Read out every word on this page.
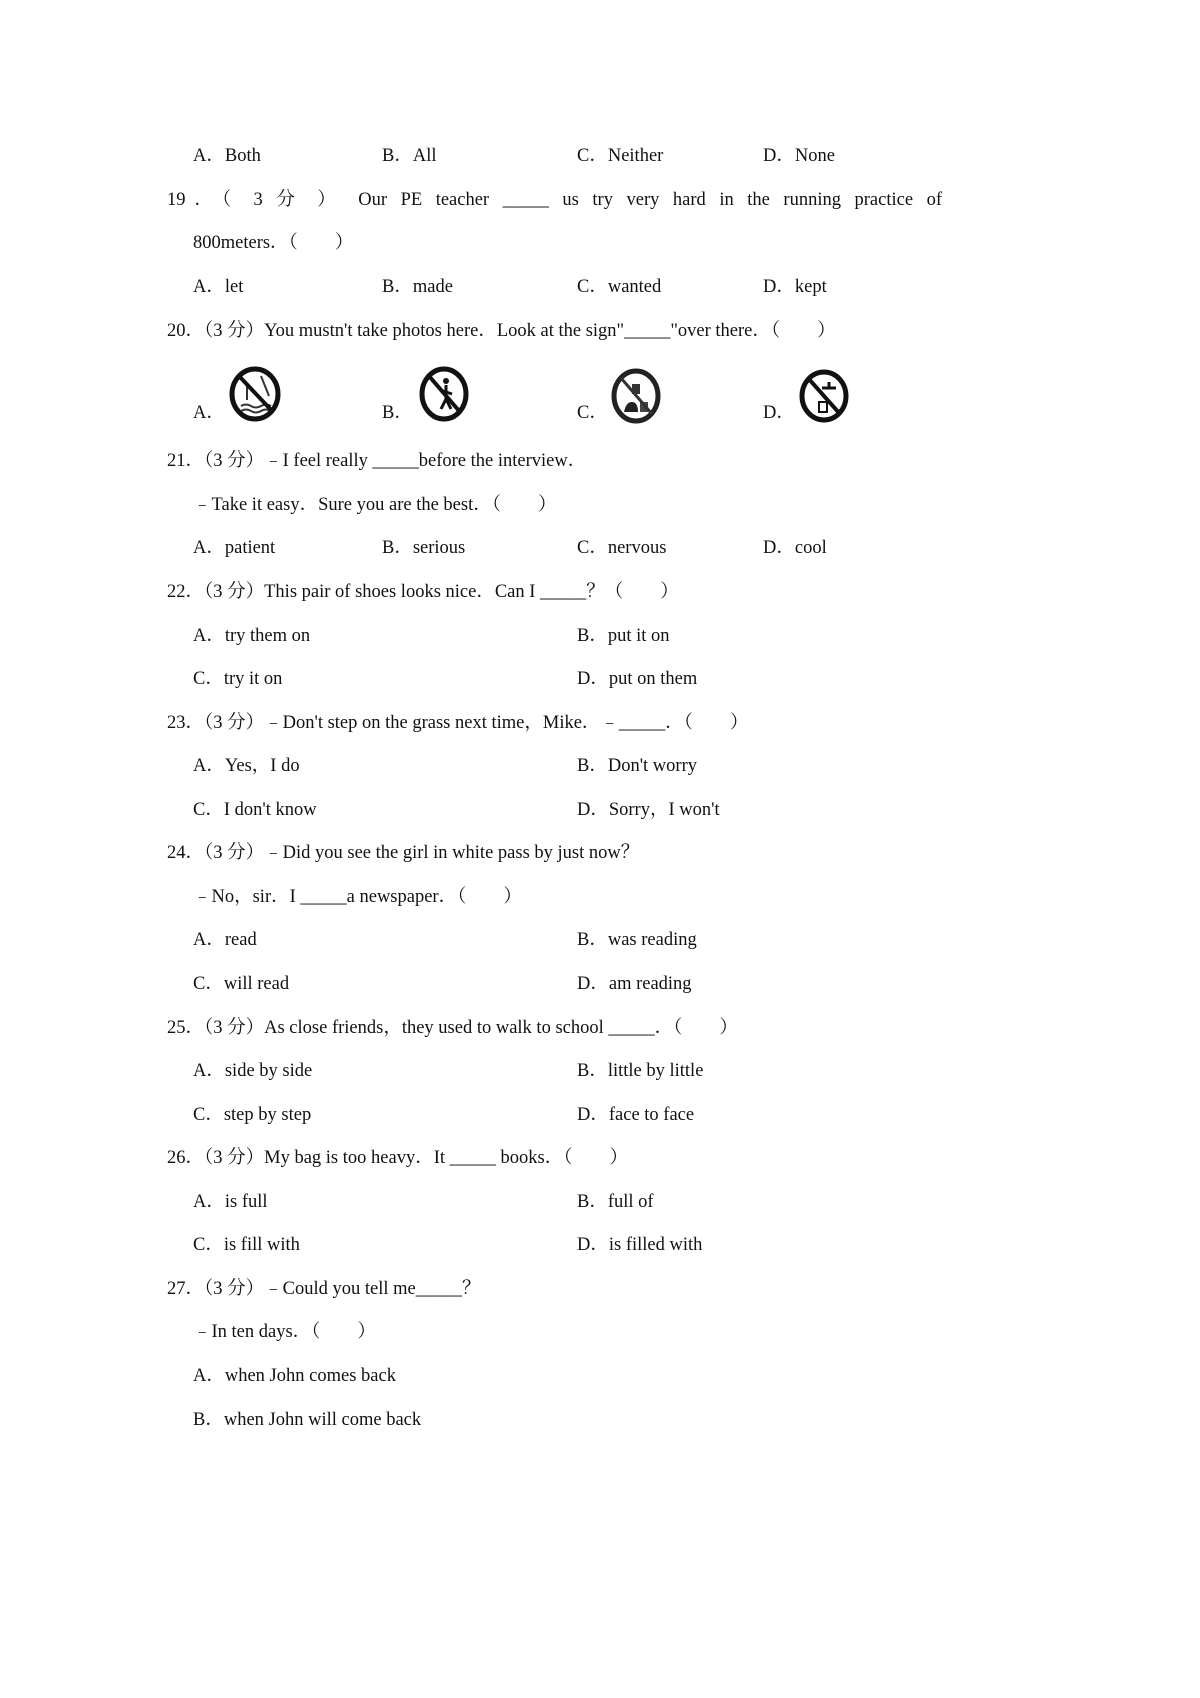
A．Both	B．All	C．Neither	D．None
19．（ 3 分 ） Our PE teacher _____ us try very hard in the running practice of
800meters．（　　）
A．let	B．made	C．wanted	D．kept
20．（3 分）You mustn't take photos here．Look at the sign"_____"over there．（　　）
A．	B．	C．	D．
21．（3 分）﹣I feel really _____before the interview．
﹣Take it easy．Sure you are the best．（　　）
A．patient	B．serious	C．nervous	D．cool
22．（3 分）This pair of shoes looks nice．Can I _____？（　　）
A．try them on	B．put it on
C．try it on	D．put on them
23．（3 分）﹣Don't step on the grass next time，Mike．﹣_____．（　　）
A．Yes，I do	B．Don't worry
C．I don't know	D．Sorry，I won't
24．（3 分）﹣Did you see the girl in white pass by just now？
﹣No，sir．I _____a newspaper．（　　）
A．read	B．was reading
C．will read	D．am reading
25．（3 分）As close friends，they used to walk to school _____．（　　）
A．side by side	B．little by little
C．step by step	D．face to face
26．（3 分）My bag is too heavy．It _____ books．（　　）
A．is full	B．full of
C．is fill with	D．is filled with
27．（3 分）﹣Could you tell me_____？
﹣In ten days．（　　）
A．when John comes back
B．when John will come back
